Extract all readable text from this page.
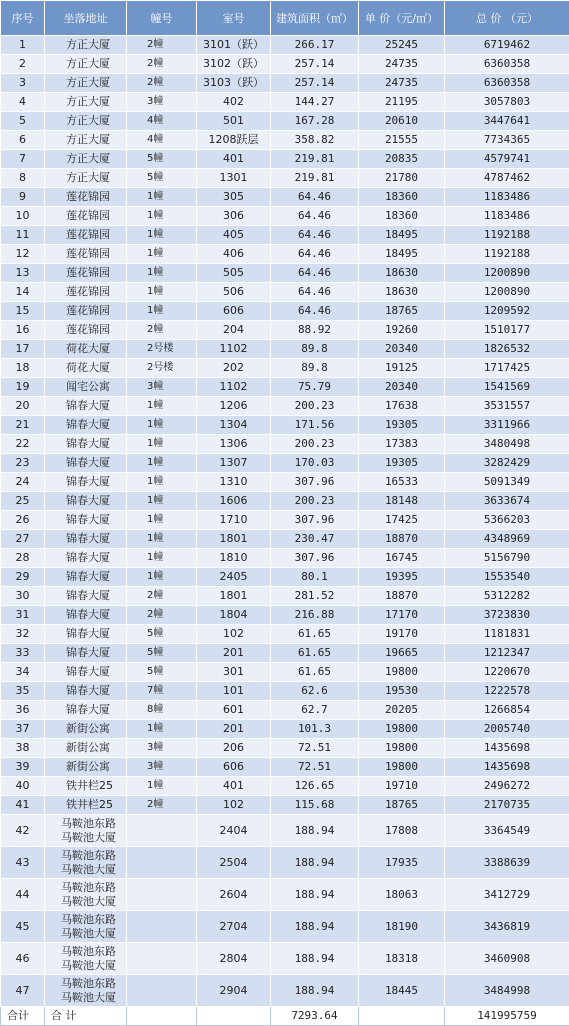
序号	坐落地址	幢号	室号	建筑面积（㎡）	单 价（元/㎡）	总 价 （元）
1	方正大厦	2幢	3101（跃）	266.17	25245	6719462
2	方正大厦	2幢	3102（跃）	257.14	24735	6360358
3	方正大厦	2幢	3103（跃）	257.14	24735	6360358
4	方正大厦	3幢	402	144.27	21195	3057803
5	方正大厦	4幢	501	167.28	20610	3447641
6	方正大厦	4幢	1208跃层	358.82	21555	7734365
7	方正大厦	5幢	401	219.81	20835	4579741
8	方正大厦	5幢	1301	219.81	21780	4787462
9	莲花锦园	1幢	305	64.46	18360	1183486
10	莲花锦园	1幢	306	64.46	18360	1183486
11	莲花锦园	1幢	405	64.46	18495	1192188
12	莲花锦园	1幢	406	64.46	18495	1192188
13	莲花锦园	1幢	505	64.46	18630	1200890
14	莲花锦园	1幢	506	64.46	18630	1200890
15	莲花锦园	1幢	606	64.46	18765	1209592
16	莲花锦园	2幢	204	88.92	19260	1510177
17	荷花大厦	2号楼	1102	89.8	20340	1826532
18	荷花大厦	2号楼	202	89.8	19125	1717425
19	闻宅公寓	3幢	1102	75.79	20340	1541569
20	锦春大厦	1幢	1206	200.23	17638	3531557
21	锦春大厦	1幢	1304	171.56	19305	3311966
22	锦春大厦	1幢	1306	200.23	17383	3480498
23	锦春大厦	1幢	1307	170.03	19305	3282429
24	锦春大厦	1幢	1310	307.96	16533	5091349
25	锦春大厦	1幢	1606	200.23	18148	3633674
26	锦春大厦	1幢	1710	307.96	17425	5366203
27	锦春大厦	1幢	1801	230.47	18870	4348969
28	锦春大厦	1幢	1810	307.96	16745	5156790
29	锦春大厦	1幢	2405	80.1	19395	1553540
30	锦春大厦	2幢	1801	281.52	18870	5312282
31	锦春大厦	2幢	1804	216.88	17170	3723830
32	锦春大厦	5幢	102	61.65	19170	1181831
33	锦春大厦	5幢	201	61.65	19665	1212347
34	锦春大厦	5幢	301	61.65	19800	1220670
35	锦春大厦	7幢	101	62.6	19530	1222578
36	锦春大厦	8幢	601	62.7	20205	1266854
37	新街公寓	1幢	201	101.3	19800	2005740
38	新街公寓	3幢	206	72.51	19800	1435698
39	新街公寓	3幢	606	72.51	19800	1435698
40	铁井栏25	1幢	401	126.65	19710	2496272
41	铁井栏25	2幢	102	115.68	18765	2170735
42	马鞍池东路马鞍池大厦		2404	188.94	17808	3364549
43	马鞍池东路马鞍池大厦		2504	188.94	17935	3388639
44	马鞍池东路马鞍池大厦		2604	188.94	18063	3412729
45	马鞍池东路马鞍池大厦		2704	188.94	18190	3436819
46	马鞍池东路马鞍池大厦		2804	188.94	18318	3460908
47	马鞍池东路马鞍池大厦		2904	188.94	18445	3484998
合计	合 计			7293.64		141995759
